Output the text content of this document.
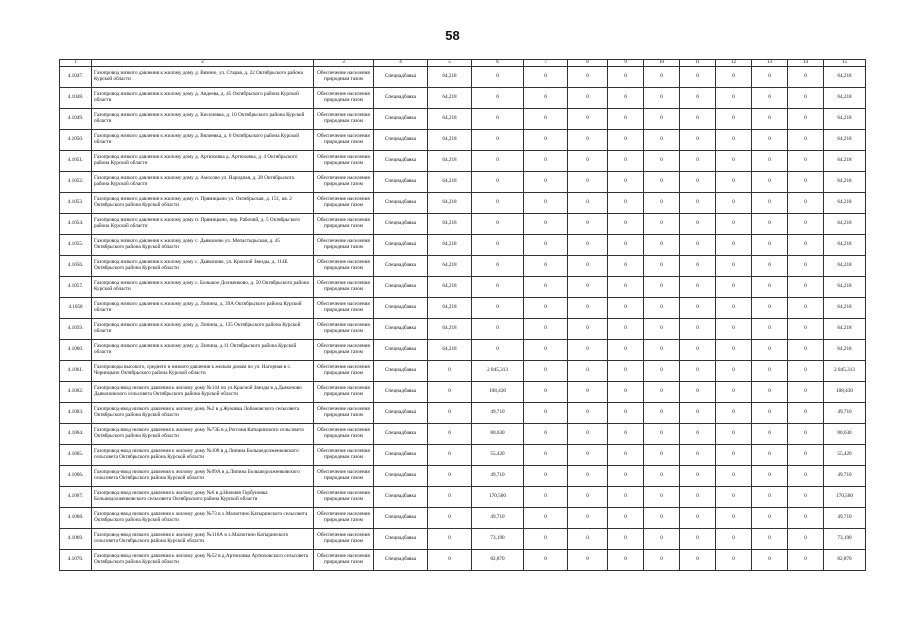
58
1	2	3	4	5	6	7	8	9	10	11	12	13	14	15
4.1047.	Газопровод низкого давления к жилому дому д. Вязино, ул. Старая, д. 22 Октябрьского района Курской области	Обеспечение населения природным газом	Спецнадбавка	64,218	0	0	0	0	0	0	0	0	0	64,218
4.1048.	Газопровод низкого давления к жилому дому д. Авдеева, д. 45 Октябрьского района Курской области	Обеспечение населения природным газом	Спецнадбавка	64,218	0	0	0	0	0	0	0	0	0	64,218
4.1049.	Газопровод низкого давления к жилому дому д. Кисилевка, д. 10 Октябрьского района Курской области	Обеспечение населения природным газом	Спецнадбавка	64,218	0	0	0	0	0	0	0	0	0	64,218
4.1050.	Газопровод низкого давления к жилому дому д. Вялиевка, д. 6 Октябрьского района Курской области	Обеспечение населения природным газом	Спецнадбавка	64,218	0	0	0	0	0	0	0	0	0	64,218
4.1051.	Газопровод низкого давления к жилому дому д. Артюховка д. Артюховка, д. 4 Октябрьского района Курской области	Обеспечение населения природным газом	Спецнадбавка	64,218	0	0	0	0	0	0	0	0	0	64,218
4.1052.	Газопровод низкого давления к жилому дому д. Амосово ул. Народная, д. 28 Октябрьского района Курской области	Обеспечение населения природным газом	Спецнадбавка	64,218	0	0	0	0	0	0	0	0	0	64,218
4.1053.	Газопровод низкого давления к жилому дому п. Прямицыно ул. Октябрьская, д. 151, кв. 2 Октябрьского района Курской области	Обеспечение населения природным газом	Спецнадбавка	64,218	0	0	0	0	0	0	0	0	0	64,218
4.1054.	Газопровод низкого давления к жилому дому п. Прямицыно, пер. Рабочий, д. 5 Октябрьского района Курской области	Обеспечение населения природным газом	Спецнадбавка	64,218	0	0	0	0	0	0	0	0	0	64,218
4.1055.	Газопровод низкого давления к жилому дому с. Дьяконово ул. Мопастырьская, д. 45 Октябрьского района Курской области	Обеспечение населения природным газом	Спецнадбавка	64,218	0	0	0	0	0	0	0	0	0	64,218
4.1056.	Газопровод низкого давления к жилому дому с. Дьяконово, ул. Красной Звезды, д. 114Б Октябрьского района Курской области	Обеспечение населения природным газом	Спецнадбавка	64,218	0	0	0	0	0	0	0	0	0	64,218
4.1057.	Газопровод низкого давления к жилому дому с. Большое Долженково, д. 50 Октябрьского района Курской области	Обеспечение населения природным газом	Спецнадбавка	64,218	0	0	0	0	0	0	0	0	0	64,218
4.1058	Газопровод низкого давления к жилому дому д. Липина, д. 39А Октябрьского района Курской области	Обеспечение населения природным газом	Спецнадбавка	64,218	0	0	0	0	0	0	0	0	0	64,218
4.1059.	Газопровод низкого давления к жилому дому д. Липина, д. 135 Октябрьского района Курской области	Обеспечение населения природным газом	Спецнадбавка	64,218	0	0	0	0	0	0	0	0	0	64,218
4.1060.	Газопровод низкого давления к жилому дому д. Липина, д.11 Октябрьского района Курской области	Обеспечение населения природным газом	Спецнадбавка	64,218	0	0	0	0	0	0	0	0	0	64,218
4.1061.	Газопроводы высокого, среднего и низкого давления к жилым домам по ул. Нагорная в с. Черницыно Октябрьского района Курской области	Обеспечение населения природным газом	Спецнадбавка	0	2 845,313	0	0	0	0	0	0	0	0	2 845,313
4.1062.	Газопровод-ввод низкого давления к жилому дому №144 по ул.Красной Звезды в д.Дьяконово Дьяконовского сельсовета Октябрьского района Курской области	Обеспечение населения природным газом	Спецнадбавка	0	108,430	0	0	0	0	0	0	0	0	108,430
4.1063.	Газопровод-ввод низкого давления к жилому дому №2 в д.Жуковка Лобановского сельсовета Октябрьского района Курской области	Обеспечение населения природным газом	Спецнадбавка	0	49,710	0	0	0	0	0	0	0	0	49,710
4.1064.	Газопровод-ввод низкого давления к жилому дому №73Б в д.Рогозня Катыринского сельсовета Октябрьского района Курской области	Обеспечение населения природным газом	Спецнадбавка	0	80,630	0	0	0	0	0	0	0	0	80,630
4.1065.	Газопровод-ввод низкого давления к жилому дому №108 в д.Липина Большедолженковского сельсовета Октябрьского района Курской области	Обеспечение населения природным газом	Спецнадбавка	0	55,420	0	0	0	0	0	0	0	0	55,420
4.1066.	Газопровод-ввод низкого давления к жилому дому №99А в д.Липина Большедолженковского сельсовета Октябрьского района Курской области	Обеспечение населения природным газом	Спецнадбавка	0	49,710	0	0	0	0	0	0	0	0	49,710
4.1067.	Газопровод-ввод низкого давления к жилому дому №6 в д.Нижняя Горбуновка Большедолженковского сельсовета Октябрьского района Курской области	Обеспечение населения природным газом	Спецнадбавка	0	170,500	0	0	0	0	0	0	0	0	170,500
4.1068.	Газопровод-ввод низкого давления к жилому дому №73 в х.Малютино Катыринского сельсовета Октябрьского района Курской области	Обеспечение населения природным газом	Спецнадбавка	0	49,710	0	0	0	0	0	0	0	0	49,710
4.1069.	Газопровод-ввод низкого давления к жилому дому №116А в х.Малютино Катыринского сельсовета Октябрьского района Курской области	Обеспечение населения природным газом	Спецнадбавка	0	73,190	0	0	0	0	0	0	0	0	73,190
4.1070.	Газопровод-ввод низкого давления к жилому дому №52 в д.Артюховка Артюховского сельсовета Октябрьского района Курской области	Обеспечение населения природным газом	Спецнадбавка	0	82,870	0	0	0	0	0	0	0	0	82,870
